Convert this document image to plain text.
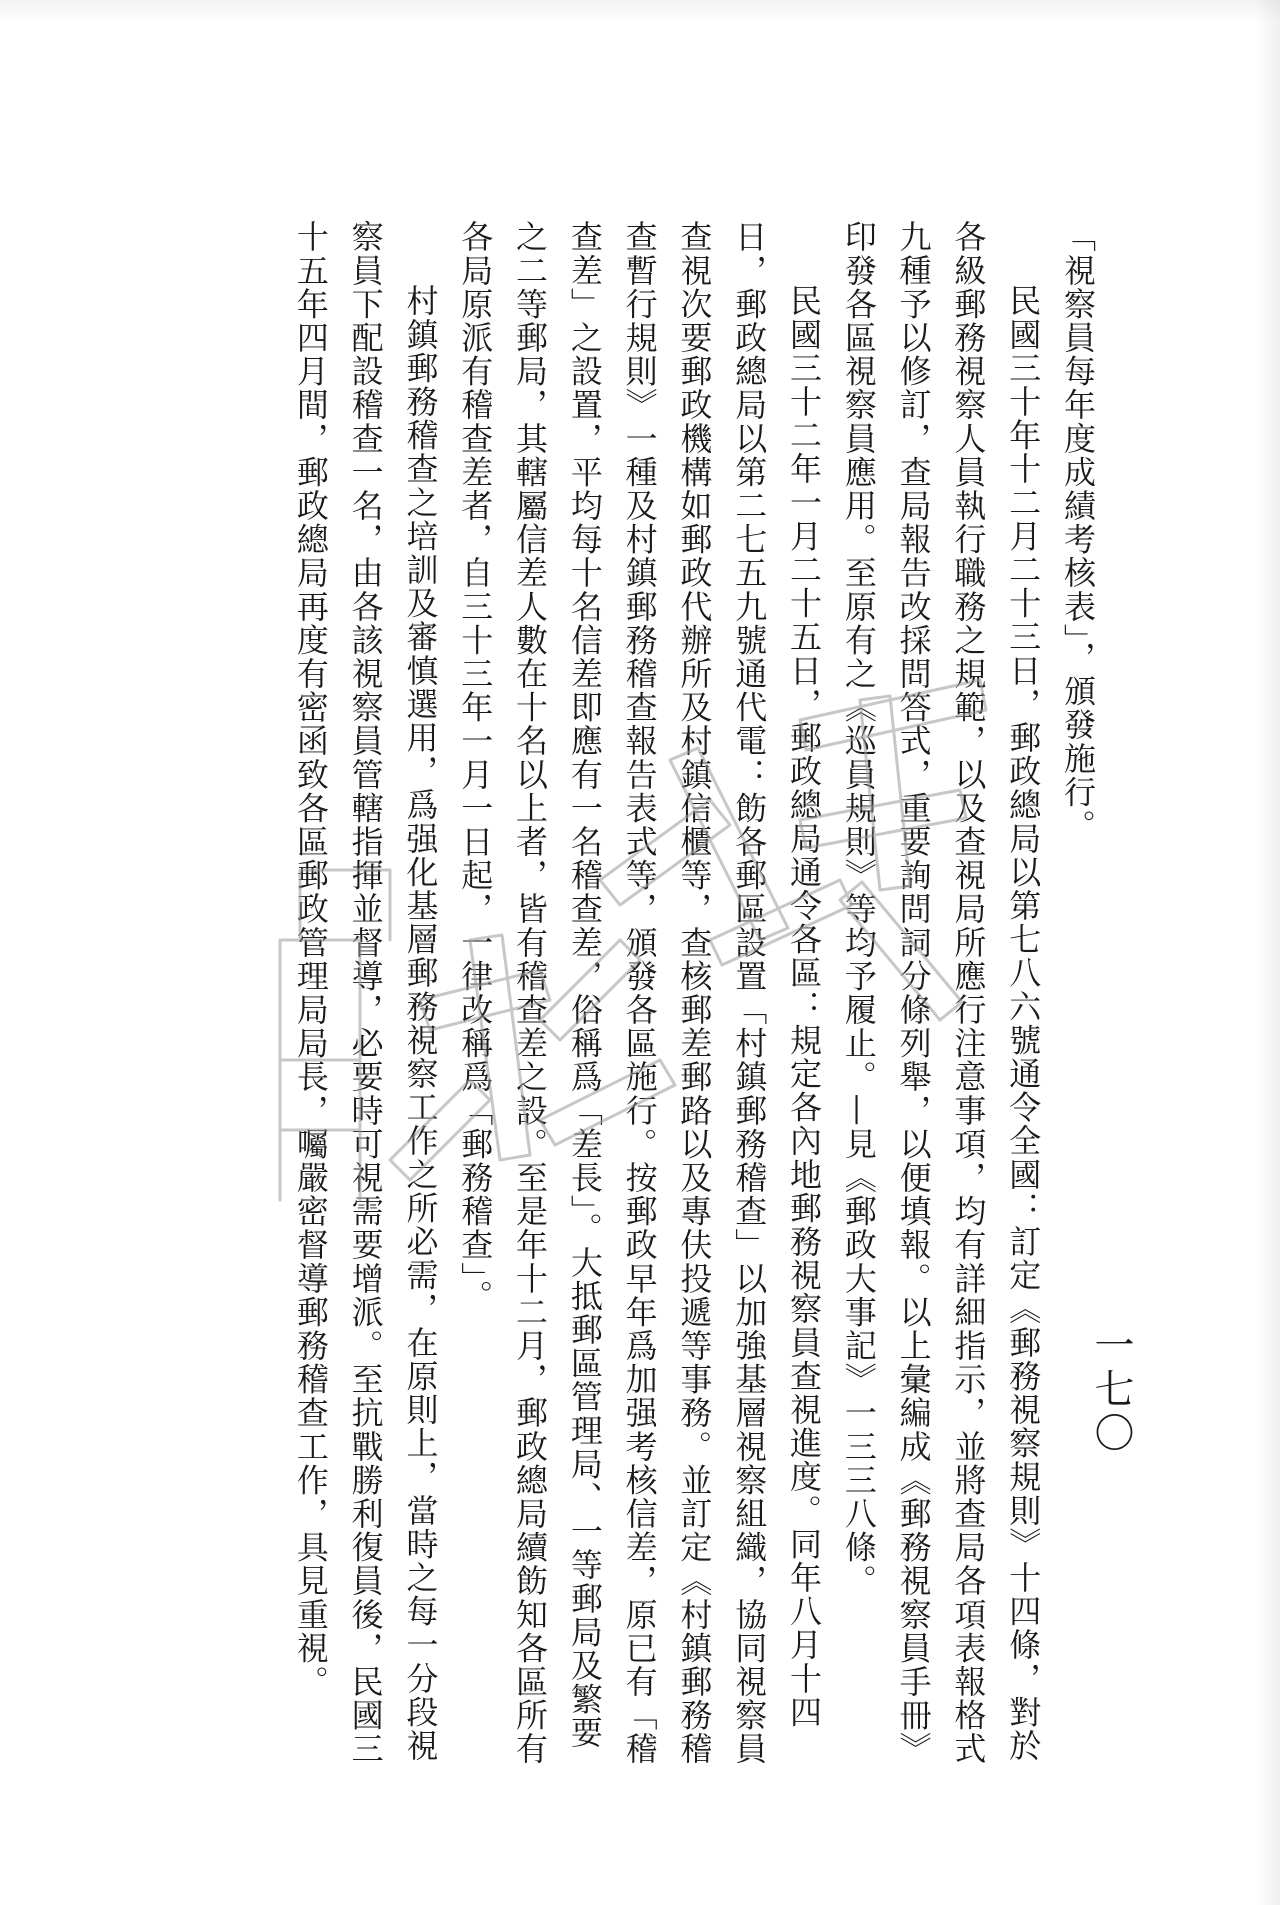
一七〇

「視察員每年度成績考核表」，頒發施行。

民國三十年十二月二十三日，郵政總局以第七八六號通令全國：訂定《郵務視察規則》十四條，對於各級郵務視察人員執行職務之規範，以及查視局所應行注意事項，均有詳細指示，並將查局各項表報格式九種予以修訂，查局報告改採問答式，重要詢問詞分條列舉，以便填報。以上彙編成《郵務視察員手冊》印發各區視察員應用。至原有之《巡員規則》等均予履止。—見《郵政大事記》一三三八條。

民國三十二年一月二十五日，郵政總局通令各區：規定各內地郵務視察員查視進度。同年八月十四日，郵政總局以第二七五九號通代電：飭各郵區設置「村鎮郵務稽查」以加強基層視察組織，協同視察員查視次要郵政機構如郵政代辦所及村鎮信櫃等，查核郵差郵路以及專伕投遞等事務。並訂定《村鎮郵務稽查暫行規則》一種及村鎮郵務稽查報告表式等，頒發各區施行。按郵政早年爲加强考核信差，原已有「稽查差」之設置，平均每十名信差即應有一名稽查差，俗稱爲「差長」。大抵郵區管理局、一等郵局及繁要之二等郵局，其轄屬信差人數在十名以上者，皆有稽查差之設。至是年十二月，郵政總局續飭知各區所有各局原派有稽查差者，自三十三年一月一日起，一律改稱爲「郵務稽查」。

村鎮郵務稽查之培訓及審慎選用，爲强化基層郵務視察工作之所必需，在原則上，當時之每一分段視察員下配設稽查一名，由各該視察員管轄指揮並督導，必要時可視需要增派。至抗戰勝利復員後，民國三十五年四月間，郵政總局再度有密函致各區郵政管理局局長，囑嚴密督導郵務稽查工作，具見重視。
